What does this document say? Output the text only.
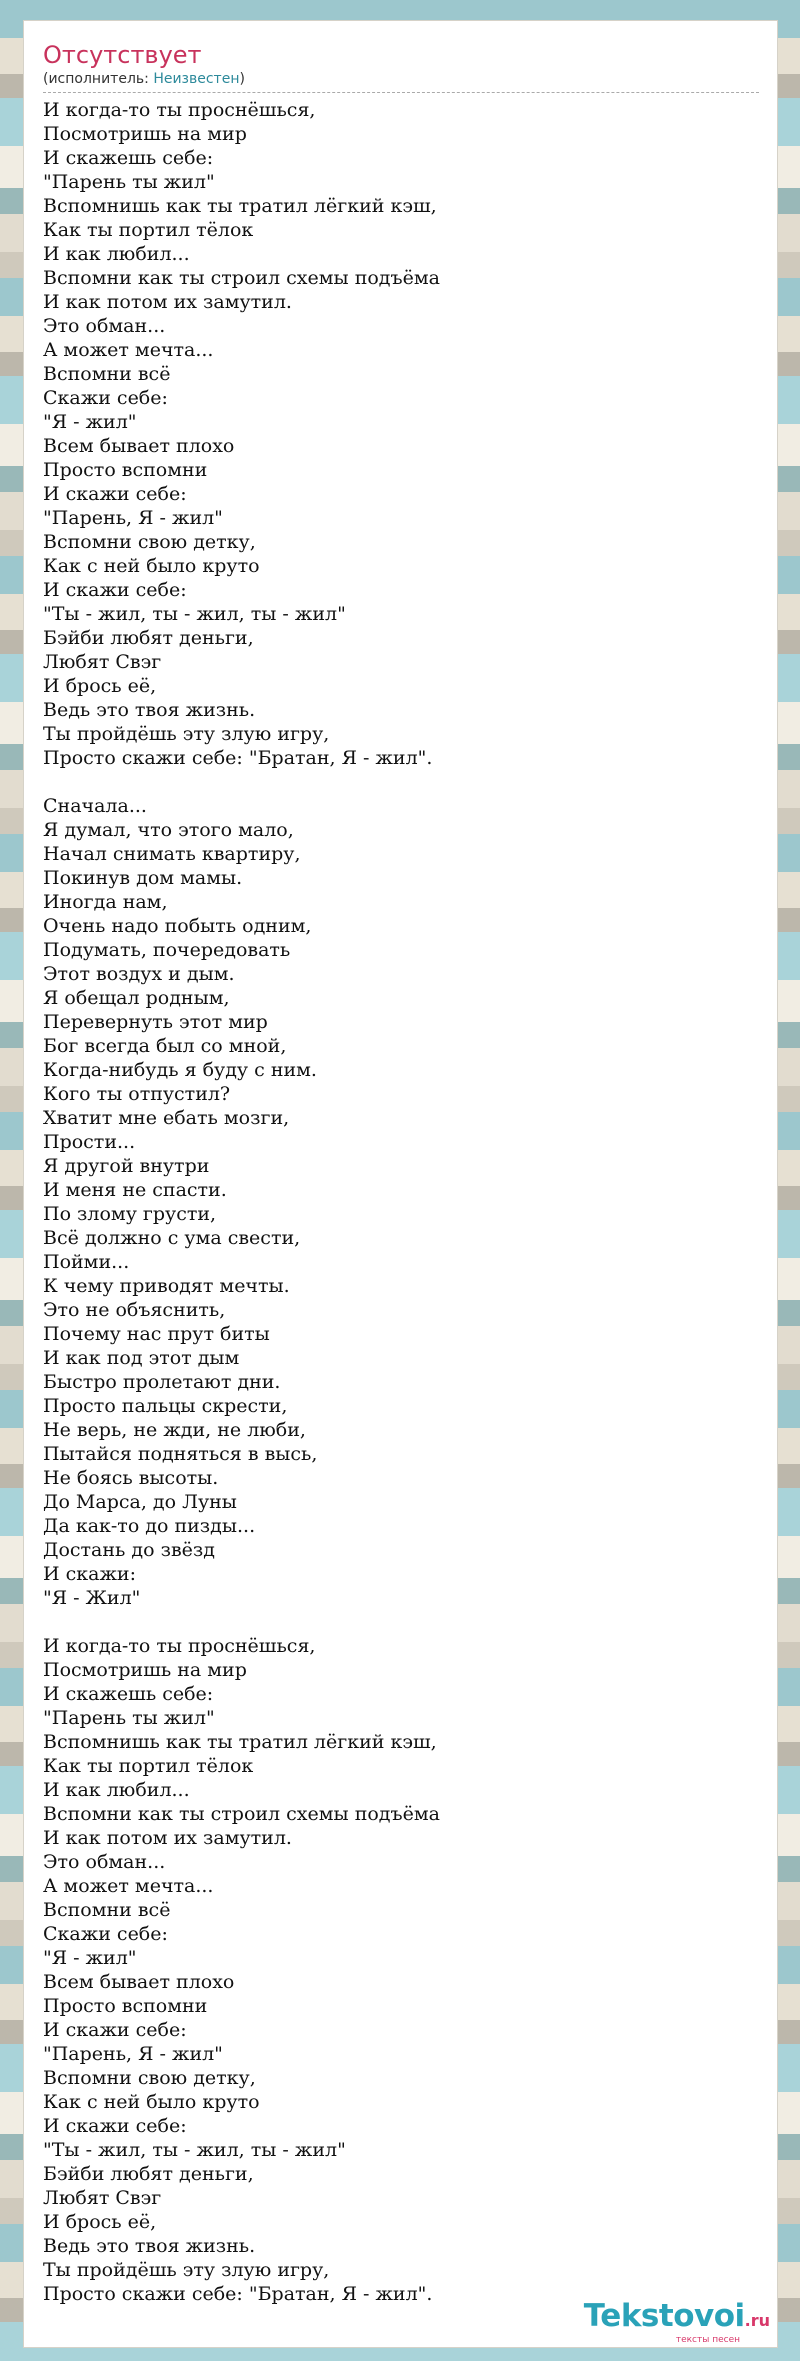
Отсутствует
(исполнитель: Неизвестен)
И когда-то ты проснёшься,
Посмотришь на мир
И скажешь себе:
"Парень ты жил"
Вспомнишь как ты тратил лёгкий кэш,
Как ты портил тёлок
И как любил...
Вспомни как ты строил схемы подъёма
И как потом их замутил.
Это обман...
А может мечта...
Вспомни всё
Скажи себе:
"Я - жил"
Всем бывает плохо
Просто вспомни
И скажи себе:
"Парень, Я - жил"
Вспомни свою детку,
Как с ней было круто
И скажи себе:
"Ты - жил, ты - жил, ты - жил"
Бэйби любят деньги,
Любят Свэг
И брось её,
Ведь это твоя жизнь.
Ты пройдёшь эту злую игру,
Просто скажи себе: "Братан, Я - жил".
Сначала...
Я думал, что этого мало,
Начал снимать квартиру,
Покинув дом мамы.
Иногда нам,
Очень надо побыть одним,
Подумать, почередовать
Этот воздух и дым.
Я обещал родным,
Перевернуть этот мир
Бог всегда был со мной,
Когда-нибудь я буду с ним.
Кого ты отпустил?
Хватит мне ебать мозги,
Прости...
Я другой внутри
И меня не спасти.
По злому грусти,
Всё должно с ума свести,
Пойми...
К чему приводят мечты.
Это не объяснить,
Почему нас прут биты
И как под этот дым
Быстро пролетают дни.
Просто пальцы скрести,
Не верь, не жди, не люби,
Пытайся подняться в высь,
Не боясь высоты.
До Марса, до Луны
Да как-то до пизды...
Достань до звёзд
И скажи:
"Я - Жил"
И когда-то ты проснёшься,
Посмотришь на мир
И скажешь себе:
"Парень ты жил"
Вспомнишь как ты тратил лёгкий кэш,
Как ты портил тёлок
И как любил...
Вспомни как ты строил схемы подъёма
И как потом их замутил.
Это обман...
А может мечта...
Вспомни всё
Скажи себе:
"Я - жил"
Всем бывает плохо
Просто вспомни
И скажи себе:
"Парень, Я - жил"
Вспомни свою детку,
Как с ней было круто
И скажи себе:
"Ты - жил, ты - жил, ты - жил"
Бэйби любят деньги,
Любят Свэг
И брось её,
Ведь это твоя жизнь.
Ты пройдёшь эту злую игру,
Просто скажи себе: "Братан, Я - жил".
Tekstovoi.ru
тексты песен
